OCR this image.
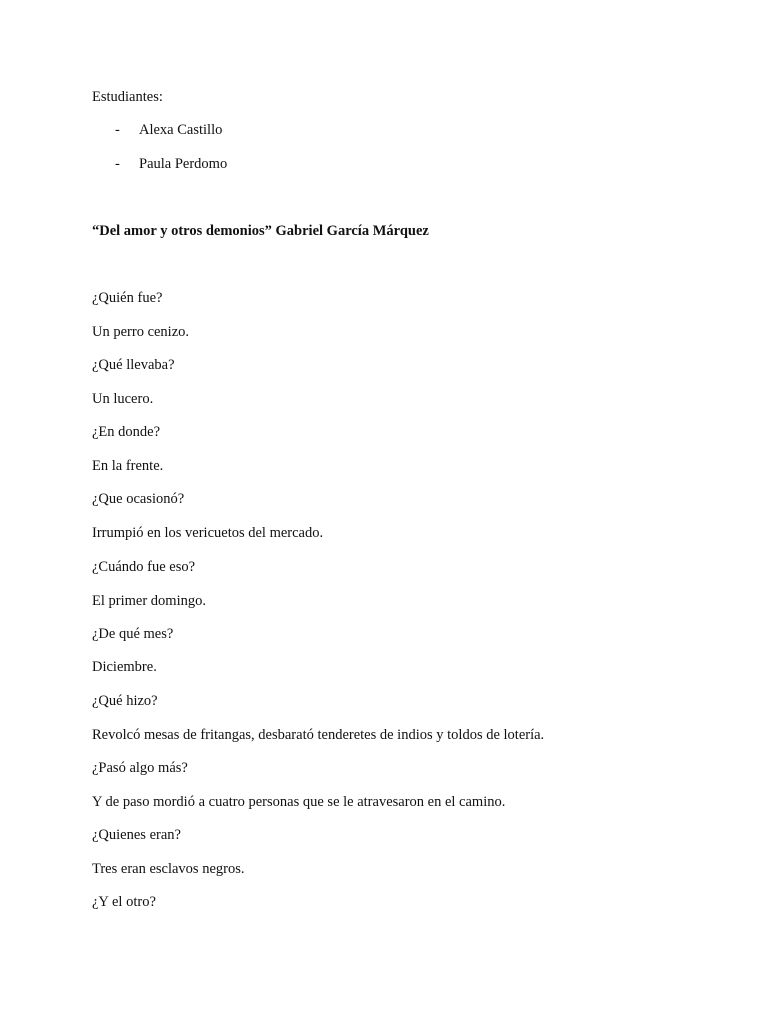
Estudiantes:
- Alexa Castillo
- Paula Perdomo
“Del amor y otros demonios” Gabriel García Márquez
¿Quién fue?
Un perro cenizo.
¿Qué llevaba?
Un lucero.
¿En donde?
En la frente.
¿Que ocasionó?
Irrumpió en los vericuetos del mercado.
¿Cuándo fue eso?
El primer domingo.
¿De qué mes?
Diciembre.
¿Qué hizo?
Revolcó mesas de fritangas, desbarató tenderetes de indios y toldos de lotería.
¿Pasó algo más?
Y de paso mordió a cuatro personas que se le atravesaron en el camino.
¿Quienes eran?
Tres eran esclavos negros.
¿Y el otro?
